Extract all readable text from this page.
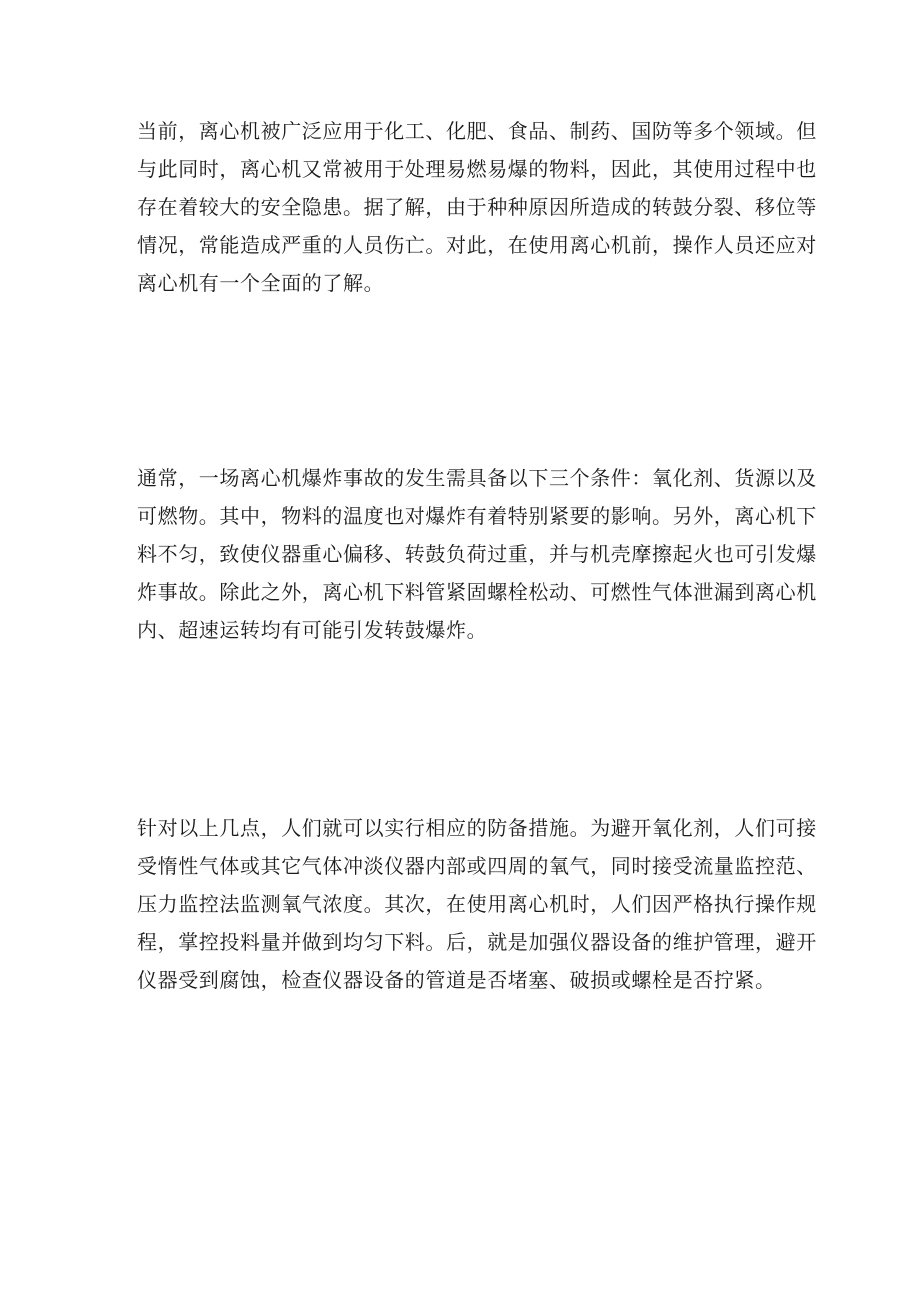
当前，离心机被广泛应用于化工、化肥、食品、制药、国防等多个领域。但
与此同时，离心机又常被用于处理易燃易爆的物料，因此，其使用过程中也
存在着较大的安全隐患。据了解，由于种种原因所造成的转鼓分裂、移位等
情况，常能造成严重的人员伤亡。对此，在使用离心机前，操作人员还应对
离心机有一个全面的了解。
通常，一场离心机爆炸事故的发生需具备以下三个条件：氧化剂、货源以及
可燃物。其中，物料的温度也对爆炸有着特别紧要的影响。另外，离心机下
料不匀，致使仪器重心偏移、转鼓负荷过重，并与机壳摩擦起火也可引发爆
炸事故。除此之外，离心机下料管紧固螺栓松动、可燃性气体泄漏到离心机
内、超速运转均有可能引发转鼓爆炸。
针对以上几点，人们就可以实行相应的防备措施。为避开氧化剂，人们可接
受惰性气体或其它气体冲淡仪器内部或四周的氧气，同时接受流量监控范、
压力监控法监测氧气浓度。其次，在使用离心机时，人们因严格执行操作规
程，掌控投料量并做到均匀下料。后，就是加强仪器设备的维护管理，避开
仪器受到腐蚀，检查仪器设备的管道是否堵塞、破损或螺栓是否拧紧。
